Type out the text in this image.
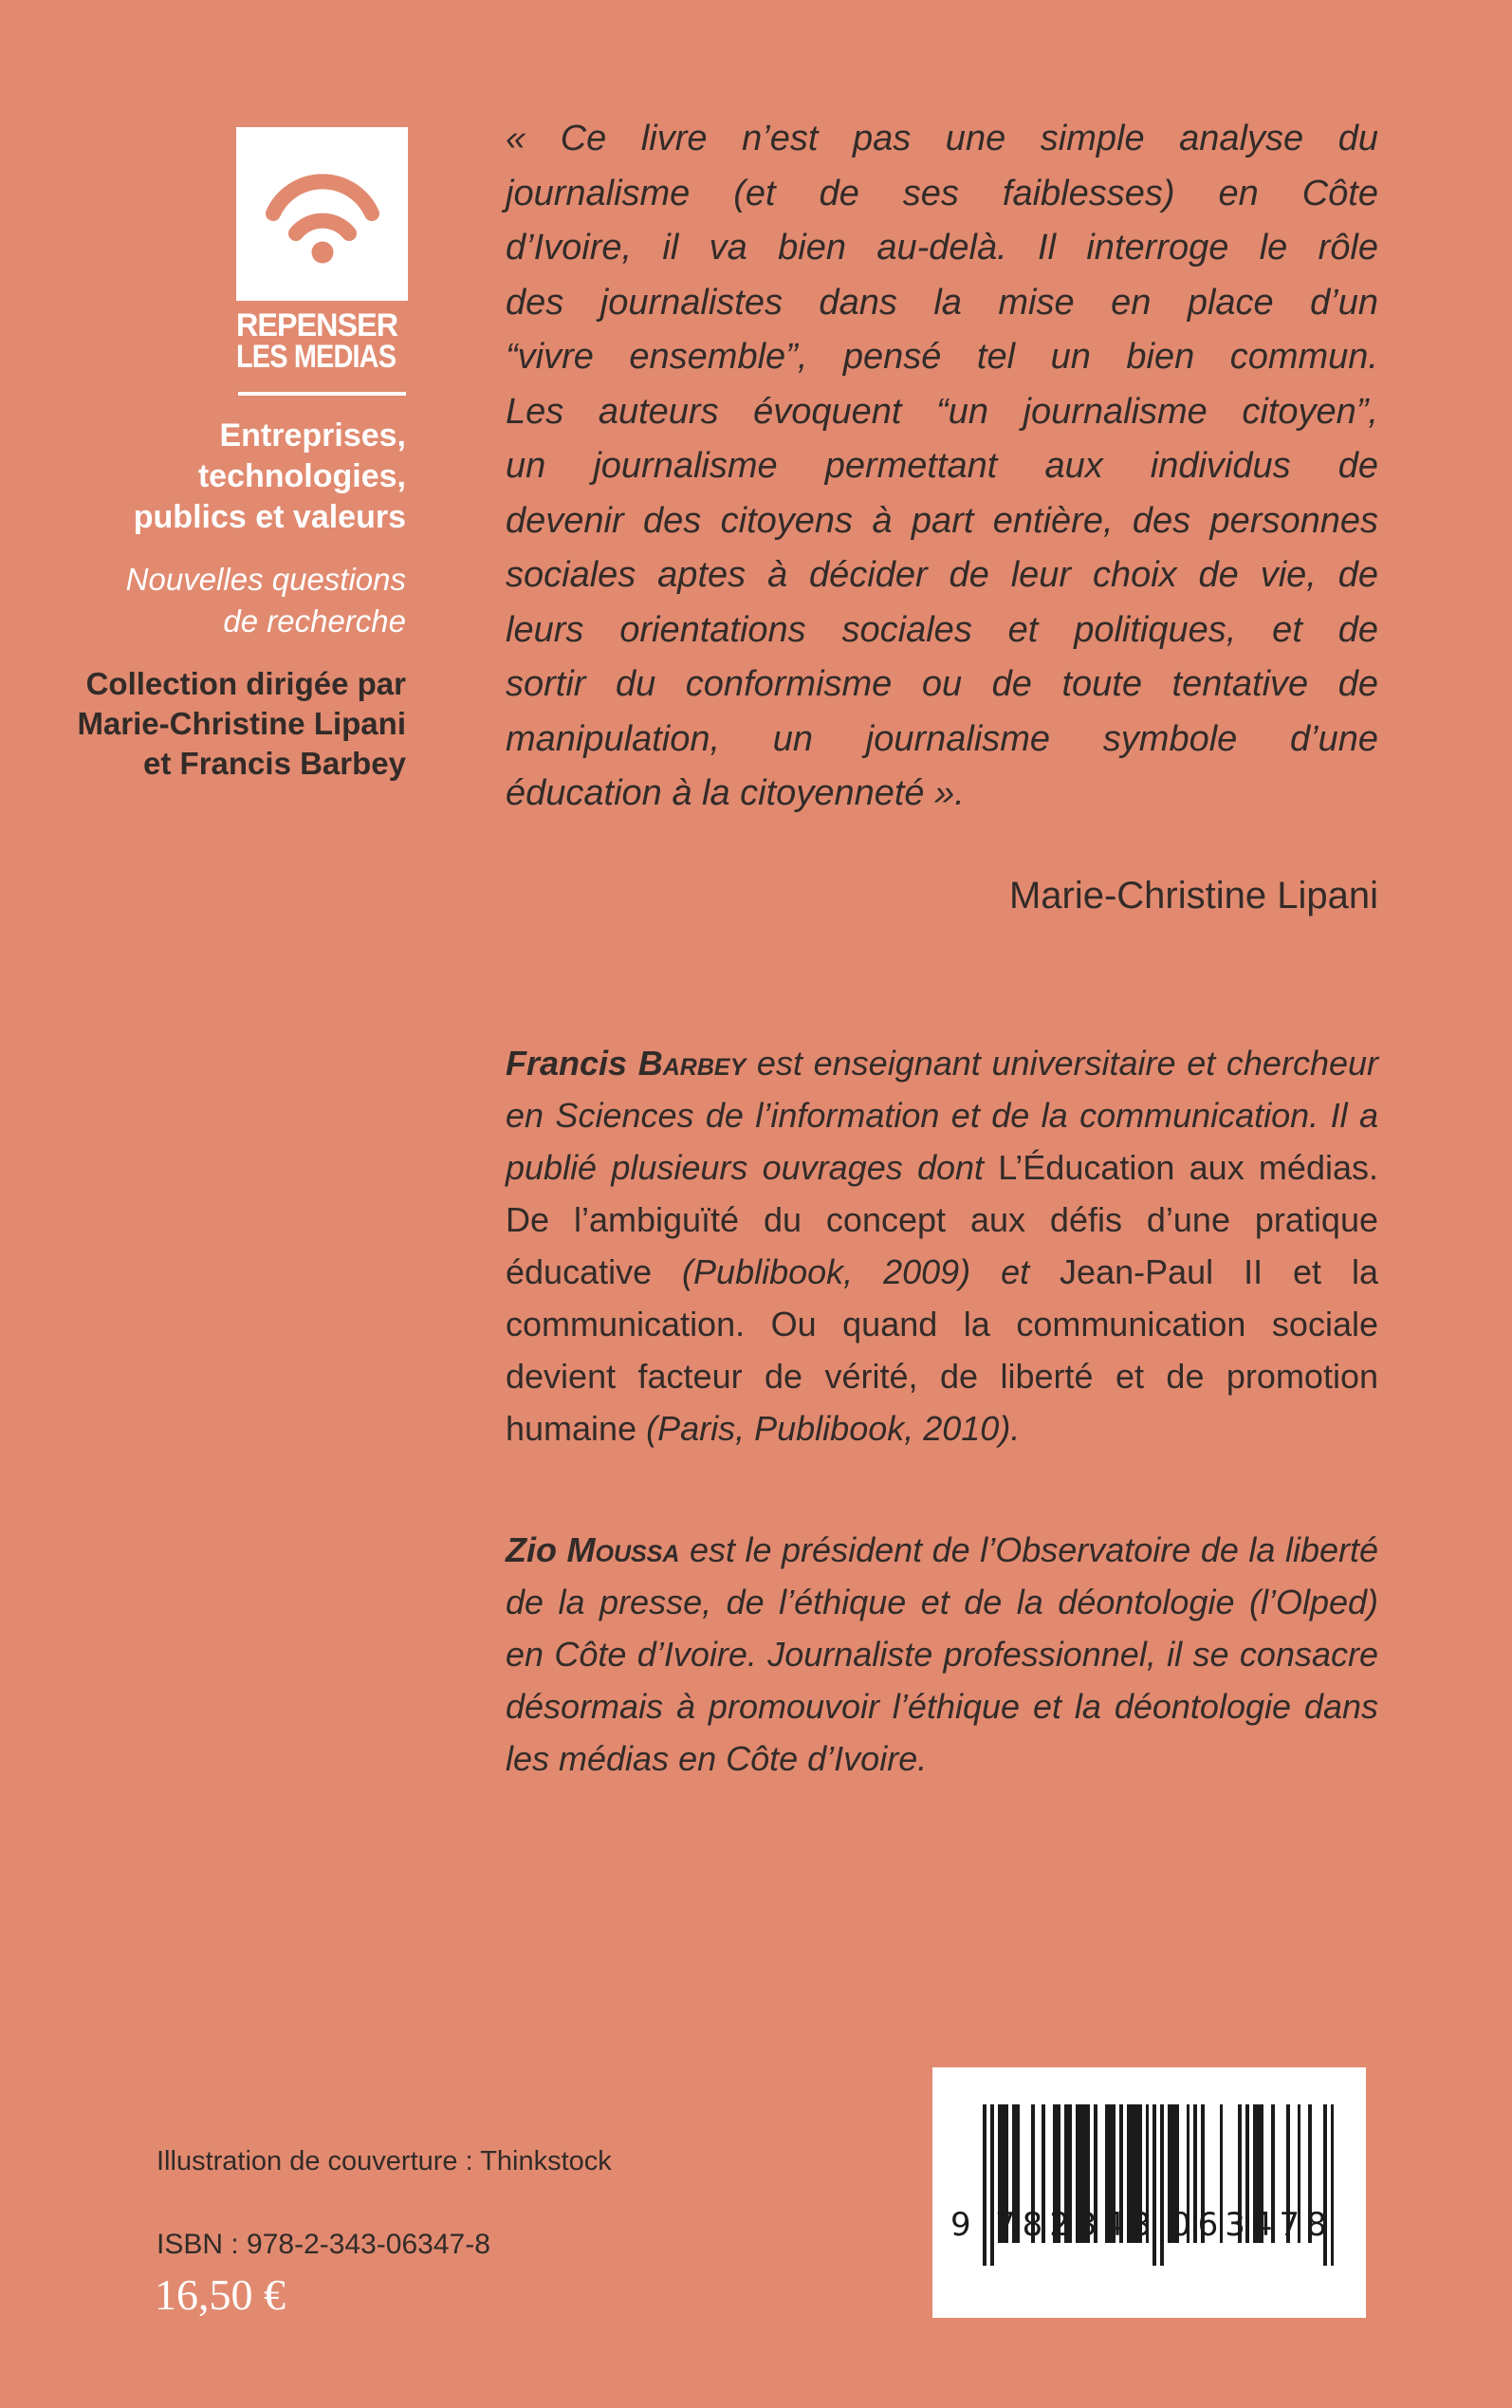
REPENSER
LES MEDIAS
Entreprises,
technologies,
publics et valeurs
Nouvelles questions
de recherche
Collection dirigée par
Marie-Christine Lipani
et Francis Barbey
« Ce livre n’est pas une simple analyse du
journalisme (et de ses faiblesses) en Côte
d’Ivoire, il va bien au-delà. Il interroge le rôle
des journalistes dans la mise en place d’un
“vivre ensemble”, pensé tel un bien commun.
Les auteurs évoquent “un journalisme citoyen”,
un journalisme permettant aux individus de
devenir des citoyens à part entière, des personnes
sociales aptes à décider de leur choix de vie, de
leurs orientations sociales et politiques, et de
sortir du conformisme ou de toute tentative de
manipulation, un journalisme symbole d’une
éducation à la citoyenneté ».
Marie-Christine Lipani
Francis Barbey est enseignant universitaire et chercheur
en Sciences de l’information et de la communication. Il a
publié plusieurs ouvrages dont L’Éducation aux médias.
De l’ambiguïté du concept aux défis d’une pratique
éducative (Publibook, 2009) et Jean-Paul II et la
communication. Ou quand la communication sociale
devient facteur de vérité, de liberté et de promotion
humaine (Paris, Publibook, 2010).
Zio Moussa est le président de l’Observatoire de la liberté
de la presse, de l’éthique et de la déontologie (l’Olped)
en Côte d’Ivoire. Journaliste professionnel, il se consacre
désormais à promouvoir l’éthique et la déontologie dans
les médias en Côte d’Ivoire.
Illustration de couverture : Thinkstock
ISBN : 978-2-343-06347-8
16,50 €
9 782343 063478
